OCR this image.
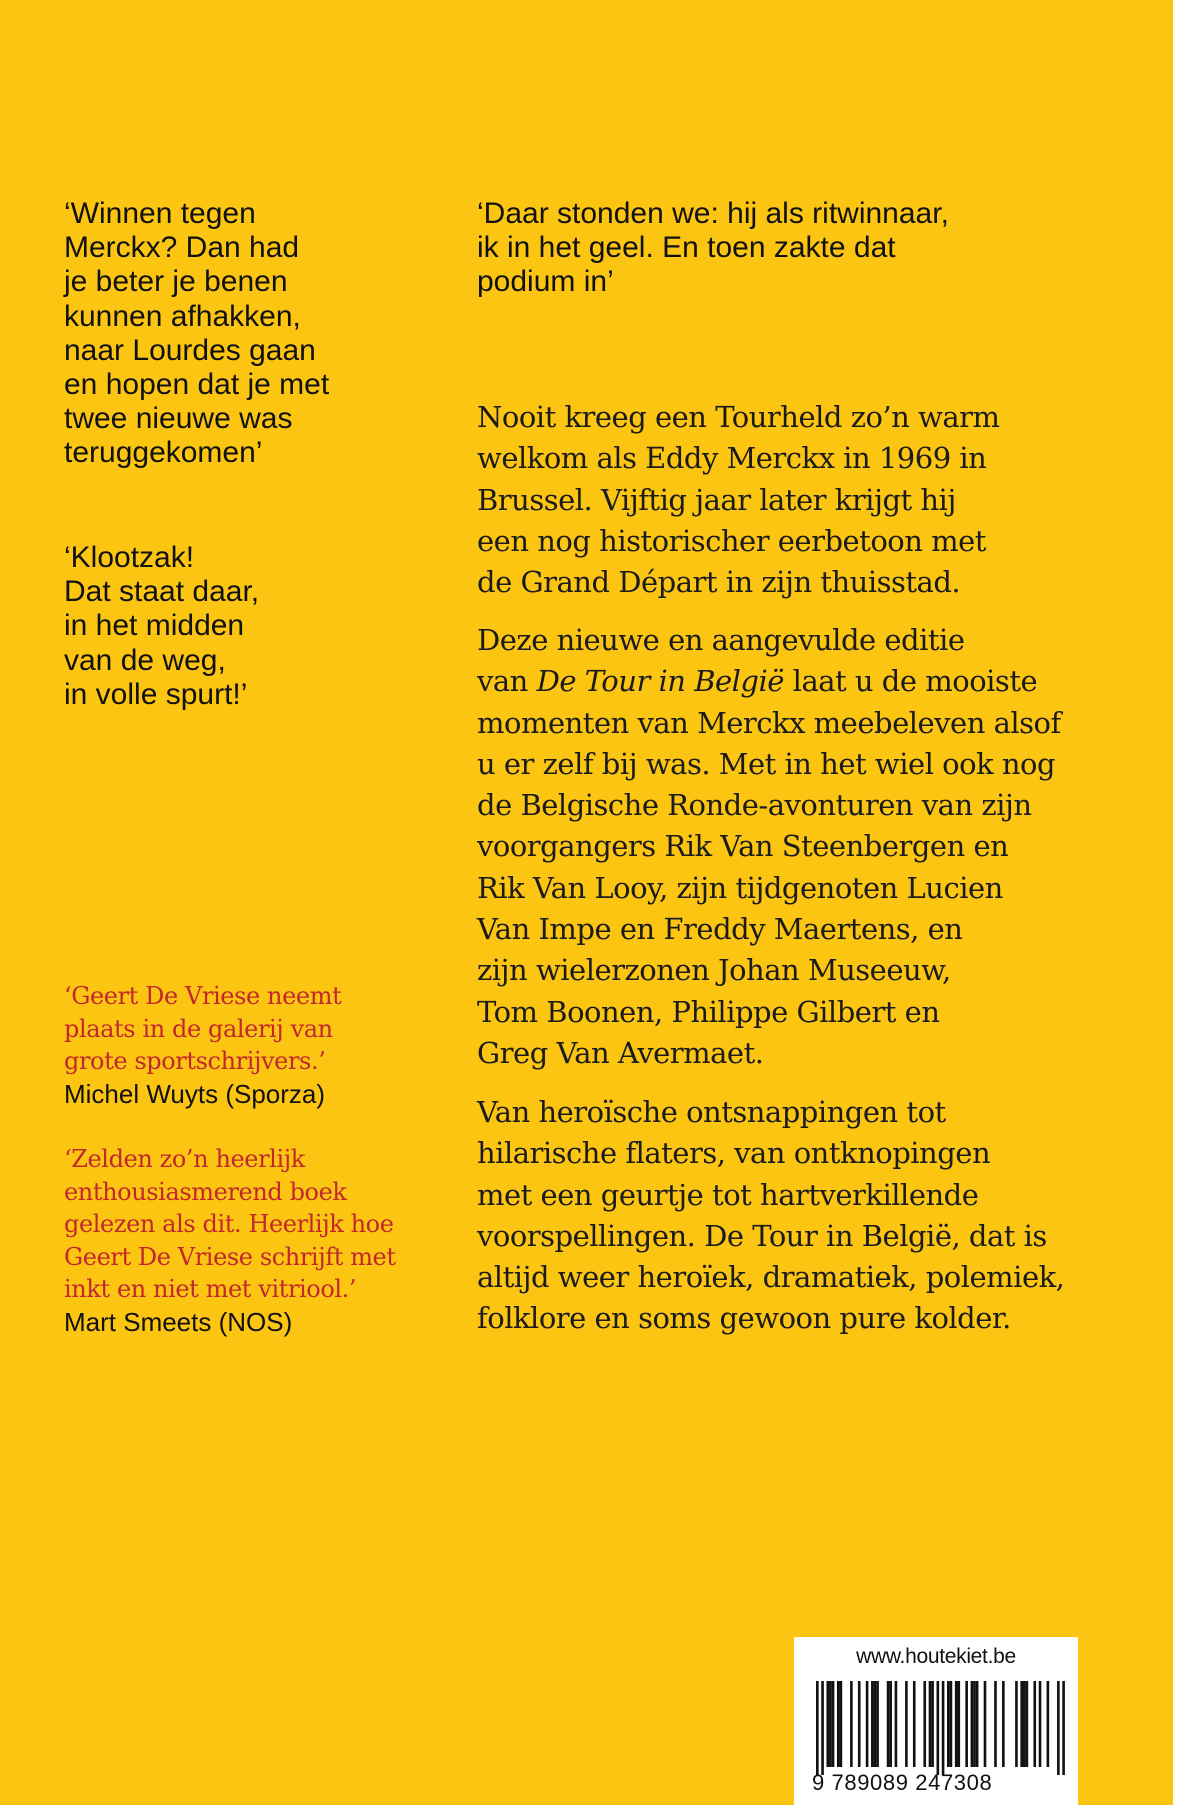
‘Winnen tegen
Merckx? Dan had
je beter je benen
kunnen afhakken,
naar Lourdes gaan
en hopen dat je met
twee nieuwe was
teruggekomen’
‘Klootzak!
Dat staat daar,
in het midden
van de weg,
in volle spurt!’
‘Daar stonden we: hij als ritwinnaar,
ik in het geel. En toen zakte dat
podium in’
Nooit kreeg een Tourheld zo’n warm
welkom als Eddy Merckx in 1969 in
Brussel. Vijftig jaar later krijgt hij
een nog historischer eerbetoon met
de Grand Départ in zijn thuisstad.
Deze nieuwe en aangevulde editie
van De Tour in België laat u de mooiste
momenten van Merckx meebeleven alsof
u er zelf bij was. Met in het wiel ook nog
de Belgische Ronde-avonturen van zijn
voorgangers Rik Van Steenbergen en
Rik Van Looy, zijn tijdgenoten Lucien
Van Impe en Freddy Maertens, en
zijn wielerzonen Johan Museeuw,
Tom Boonen, Philippe Gilbert en
Greg Van Avermaet.
Van heroïsche ontsnappingen tot
hilarische flaters, van ontknopingen
met een geurtje tot hartverkillende
voorspellingen. De Tour in België, dat is
altijd weer heroïek, dramatiek, polemiek,
folklore en soms gewoon pure kolder.
‘Geert De Vriese neemt
plaats in de galerij van
grote sportschrijvers.’
Michel Wuyts (Sporza)
‘Zelden zo’n heerlijk
enthousiasmerend boek
gelezen als dit. Heerlijk hoe
Geert De Vriese schrijft met
inkt en niet met vitriool.’
Mart Smeets (NOS)
www.houtekiet.be
9 789089 247308
